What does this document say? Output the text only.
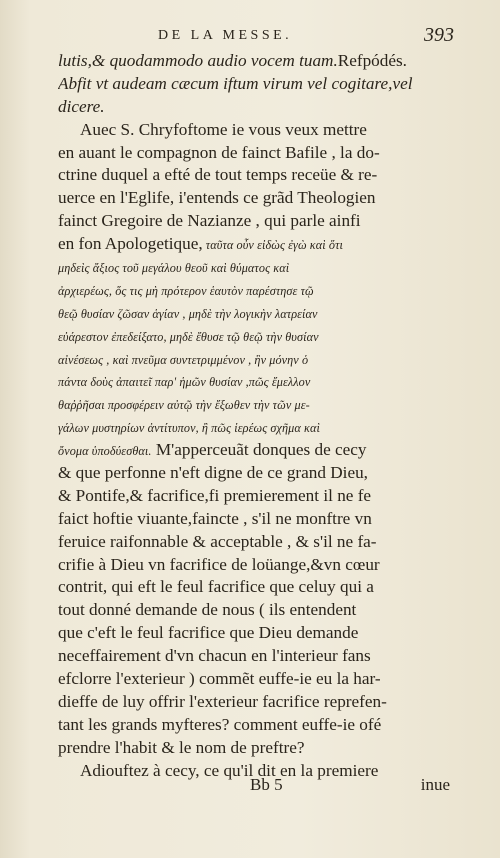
DE LA MESSE.	393
lutis,& quodammodo audio vocem tuam.Refpódés.
Abfit vt audeam cæcum iftum virum vel cogitare,vel
dicere.
Auec S. Chryfoftome ie vous veux mettre
en auant le compagnon de fainct Bafile , la do-
ctrine duquel a efté de tout temps receüe & re-
uerce en l'Eglife, i'entends ce grãd Theologien
fainct Gregoire de Nazianze , qui parle ainfi
en fon Apologetique, ταῦτα οὖν εἰδὼς ἐγὼ καὶ ὅτι
μηδεὶς ἄξιος τοῦ μεγάλου θεοῦ καὶ θύματος καὶ
ἀρχιερέως, ὅς τις μὴ πρότερον ἑαυτὸν παρέστησε τῷ
θεῷ θυσίαν ζῶσαν ἁγίαν , μηδὲ τὴν λογικὴν λατρείαν
εὐάρεστον ἐπεδείξατο, μηδὲ ἔθυσε τῷ θεῷ τὴν θυσίαν
αἰνέσεως , καὶ πνεῦμα συντετριμμένον , ἣν μόνην ὁ
πάντα δοὺς ἀπαιτεῖ παρ' ἡμῶν θυσίαν ,πῶς ἔμελλον
θαῤῥῆσαι προσφέρειν αὐτῷ τὴν ἔξωθεν τὴν τῶν με-
γάλων μυστηρίων ἀντίτυπον, ἢ πῶς ἱερέως σχῆμα καὶ
ὄνομα ὑποδύεσθαι. M'apperceuãt donques de cecy
& que perfonne n'eft digne de ce grand Dieu,
& Pontife,& facrifice,fi premierement il ne fe
faict hoftie viuante,faincte , s'il ne monftre vn
feruice raifonnable & acceptable , & s'il ne fa-
crifie à Dieu vn facrifice de loüange,&vn cœur
contrit, qui eft le feul facrifice que celuy qui a
tout donné demande de nous ( ils entendent
que c'eft le feul facrifice que Dieu demande
neceffairement d'vn chacun en l'interieur fans
efclorre l'exterieur ) commẽt euffe-ie eu la har-
dieffe de luy offrir l'exterieur facrifice reprefen-
tant les grands myfteres? comment euffe-ie ofé
prendre l'habit & le nom de preftre?
Adiouftez à cecy, ce qu'il dit en la premiere
Bb 5	inue
